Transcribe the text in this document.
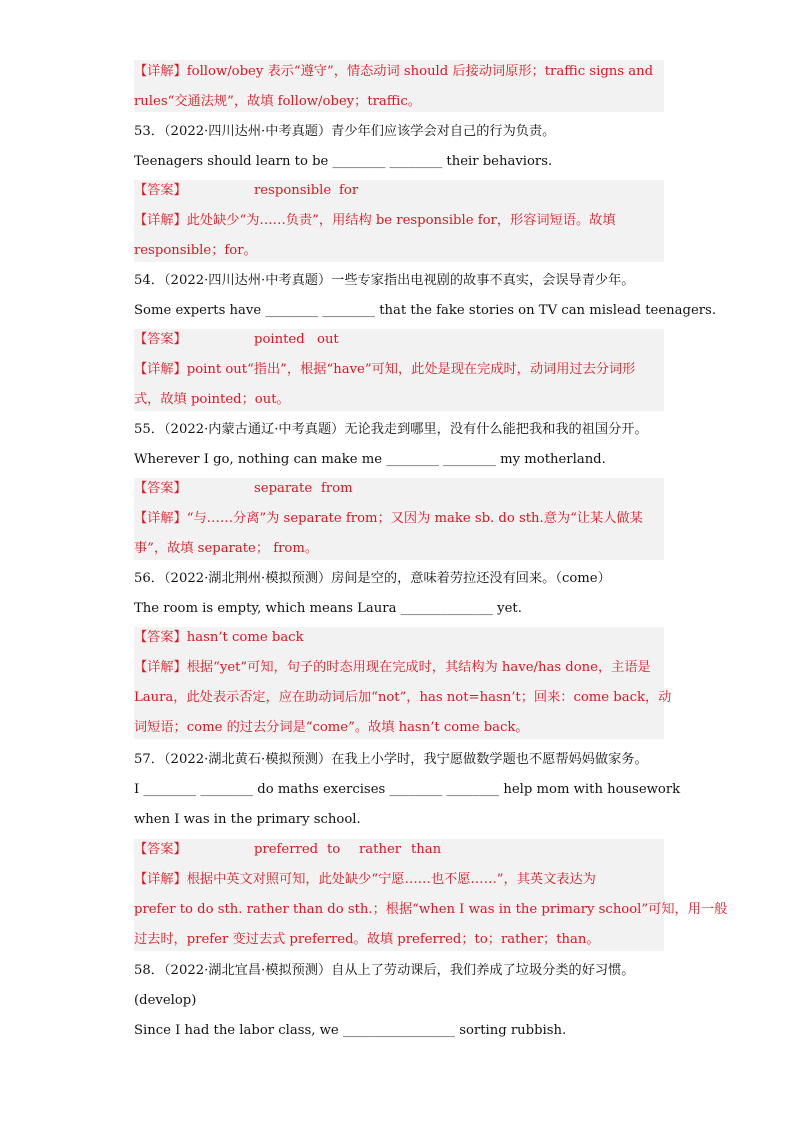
【详解】follow/obey 表示“遵守”，情态动词 should 后接动词原形；traffic signs and
rules“交通法规”，故填 follow/obey；traffic。
53．（2022·四川达州·中考真题）青少年们应该学会对自己的行为负责。
Teenagers should learn to be ________ ________ their behaviors.
【答案】	responsible for
【详解】此处缺少“为……负责”，用结构 be responsible for，形容词短语。故填
responsible；for。
54．（2022·四川达州·中考真题）一些专家指出电视剧的故事不真实，会误导青少年。
Some experts have ________ ________ that the fake stories on TV can mislead teenagers.
【答案】	pointed out
【详解】point out“指出”，根据“have”可知，此处是现在完成时，动词用过去分词形
式，故填 pointed；out。
55．（2022·内蒙古通辽·中考真题）无论我走到哪里，没有什么能把我和我的祖国分开。
Wherever I go, nothing can make me ________ ________ my motherland.
【答案】	separate from
【详解】“与……分离”为 separate from；又因为 make sb. do sth.意为“让某人做某
事”，故填 separate； from。
56．（2022·湖北荆州·模拟预测）房间是空的，意味着劳拉还没有回来。（come）
The room is empty, which means Laura ______________ yet.
【答案】hasn’t come back
【详解】根据“yet”可知，句子的时态用现在完成时，其结构为 have/has done，主语是
Laura，此处表示否定，应在助动词后加“not”，has not=hasn’t；回来：come back，动
词短语；come 的过去分词是“come”。故填 hasn’t come back。
57．（2022·湖北黄石·模拟预测）在我上小学时，我宁愿做数学题也不愿帮妈妈做家务。
I ________ ________ do maths exercises ________ ________ help mom with housework
when I was in the primary school.
【答案】	preferred to rather than
【详解】根据中英文对照可知，此处缺少“宁愿……也不愿……”，其英文表达为
prefer to do sth. rather than do sth.；根据“when I was in the primary school”可知，用一般
过去时，prefer 变过去式 preferred。故填 preferred；to；rather；than。
58．（2022·湖北宜昌·模拟预测）自从上了劳动课后，我们养成了垃圾分类的好习惯。
(develop)
Since I had the labor class, we _________________ sorting rubbish.
